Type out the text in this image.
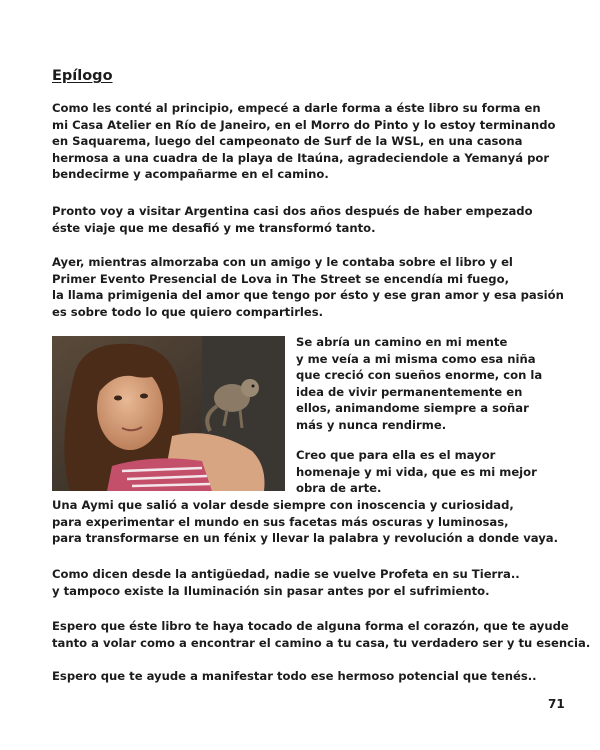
Epílogo
Como les conté al principio, empecé a darle forma a éste libro su forma en
mi Casa Atelier en Río de Janeiro, en el Morro do Pinto y lo estoy terminando
en Saquarema, luego del campeonato de Surf de la WSL, en una casona
hermosa a una cuadra de la playa de Itaúna, agradeciendole a Yemanyá por
bendecirme y acompañarme en el camino.
Pronto voy a visitar Argentina casi dos años después de haber empezado
éste viaje que me desafió y me transformó tanto.
Ayer, mientras almorzaba con un amigo y le contaba sobre el libro y el
Primer Evento Presencial de Lova in The Street se encendía mi fuego,
la llama primigenia del amor que tengo por ésto y ese gran amor y esa pasión
es sobre todo lo que quiero compartirles.
Se abría un camino en mi mente
y me veía a mi misma como esa niña
que creció con sueños enorme, con la
idea de vivir permanentemente en
ellos, animandome siempre a soñar
más y nunca rendirme.
Creo que para ella es el mayor
homenaje y mi vida, que es mi mejor
obra de arte.
Una Aymi que salió a volar desde siempre con inoscencia y curiosidad,
para experimentar el mundo en sus facetas más oscuras y luminosas,
para transformarse en un fénix y llevar la palabra y revolución a donde vaya.
Como dicen desde la antigüedad, nadie se vuelve Profeta en su Tierra..
y tampoco existe la Iluminación sin pasar antes por el sufrimiento.
Espero que éste libro te haya tocado de alguna forma el corazón, que te ayude
tanto a volar como a encontrar el camino a tu casa, tu verdadero ser y tu esencia.
Espero que te ayude a manifestar todo ese hermoso potencial que tenés..
71
